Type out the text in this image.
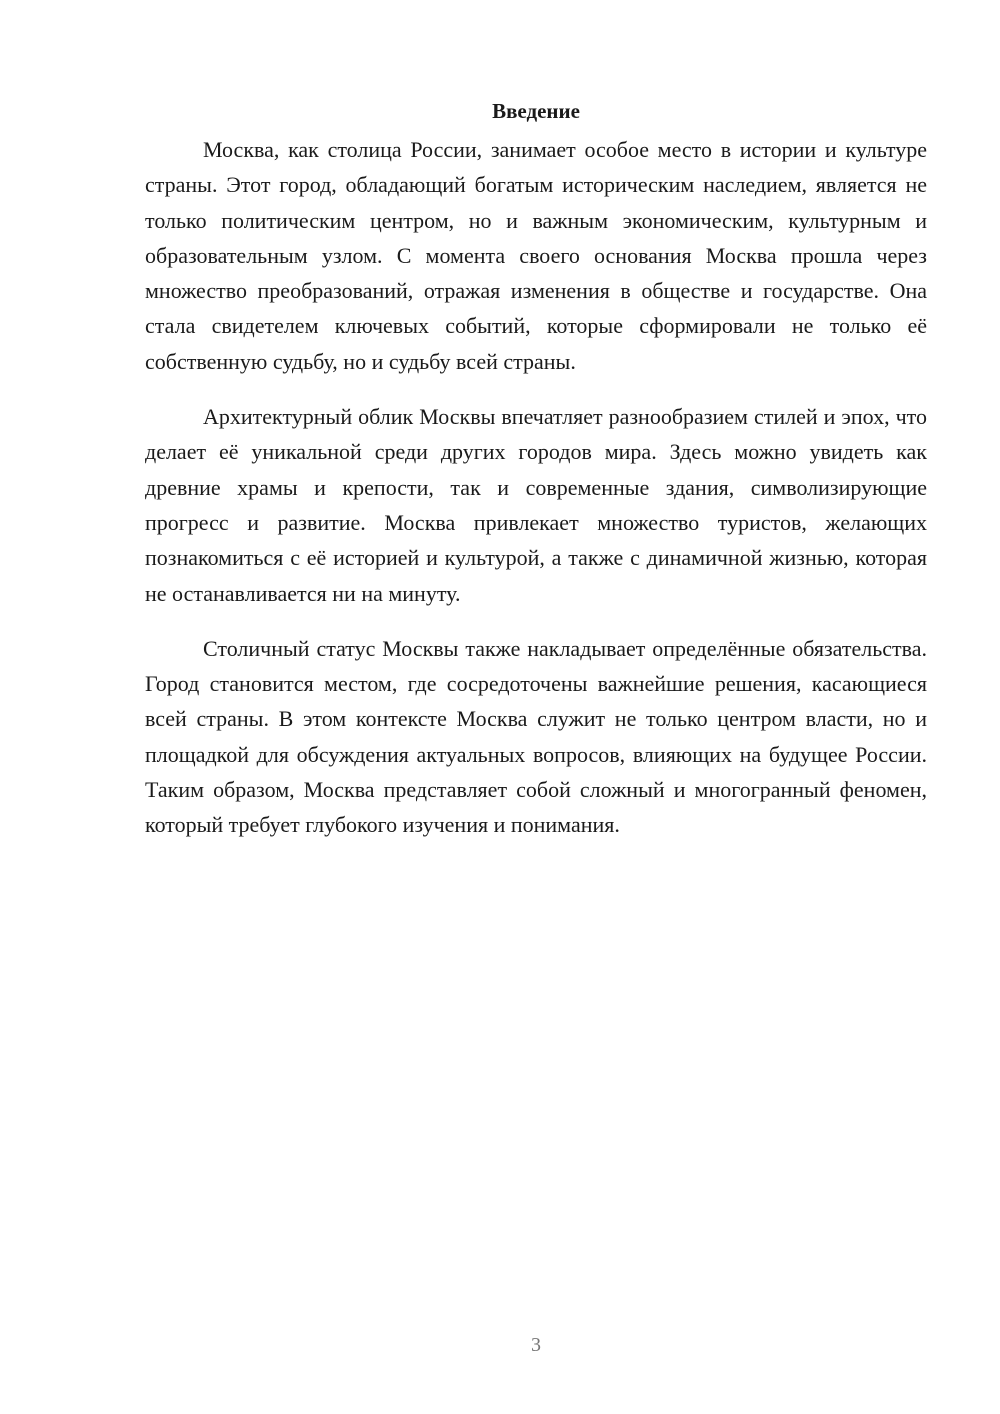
Введение

Москва, как столица России, занимает особое место в истории и культуре страны. Этот город, обладающий богатым историческим наследием, является не только политическим центром, но и важным экономическим, культурным и образовательным узлом. С момента своего основания Москва прошла через множество преобразований, отражая изменения в обществе и государстве. Она стала свидетелем ключевых событий, которые сформировали не только её собственную судьбу, но и судьбу всей страны.

Архитектурный облик Москвы впечатляет разнообразием стилей и эпох, что делает её уникальной среди других городов мира. Здесь можно увидеть как древние храмы и крепости, так и современные здания, символизирующие прогресс и развитие. Москва привлекает множество туристов, желающих познакомиться с её историей и культурой, а также с динамичной жизнью, которая не останавливается ни на минуту.

Столичный статус Москвы также накладывает определённые обязательства. Город становится местом, где сосредоточены важнейшие решения, касающиеся всей страны. В этом контексте Москва служит не только центром власти, но и площадкой для обсуждения актуальных вопросов, влияющих на будущее России. Таким образом, Москва представляет собой сложный и многогранный феномен, который требует глубокого изучения и понимания.

3
